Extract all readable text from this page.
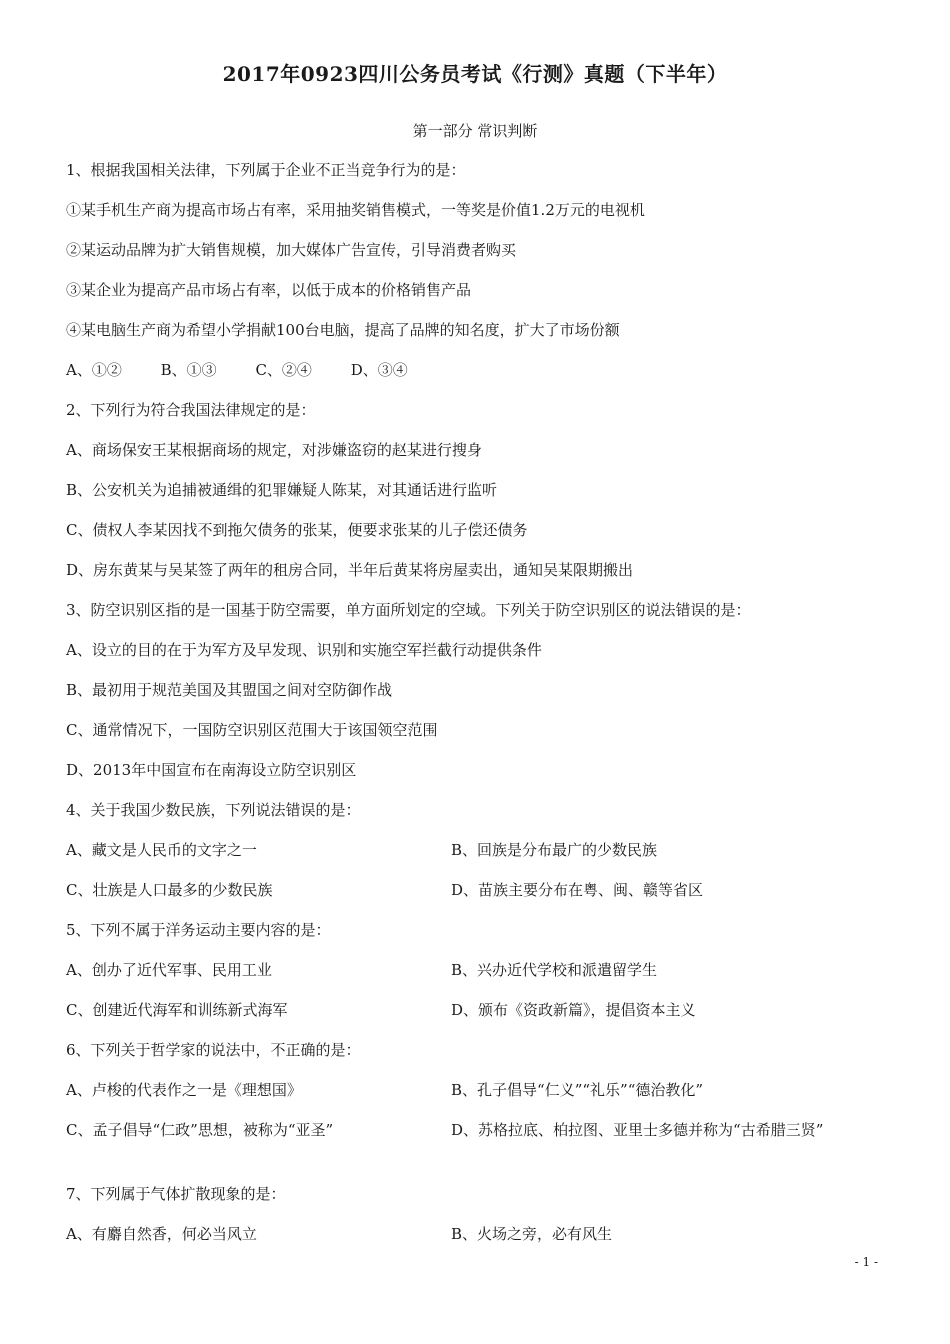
2017年0923四川公务员考试《行测》真题（下半年）
第一部分 常识判断
1、根据我国相关法律，下列属于企业不正当竞争行为的是：
①某手机生产商为提高市场占有率，采用抽奖销售模式，一等奖是价值1.2万元的电视机
②某运动品牌为扩大销售规模，加大媒体广告宣传，引导消费者购买
③某企业为提高产品市场占有率，以低于成本的价格销售产品
④某电脑生产商为希望小学捐献100台电脑，提高了品牌的知名度，扩大了市场份额
A、①②	B、①③	C、②④	D、③④
2、下列行为符合我国法律规定的是：
A、商场保安王某根据商场的规定，对涉嫌盗窃的赵某进行搜身
B、公安机关为追捕被通缉的犯罪嫌疑人陈某，对其通话进行监听
C、债权人李某因找不到拖欠债务的张某，便要求张某的儿子偿还债务
D、房东黄某与吴某签了两年的租房合同，半年后黄某将房屋卖出，通知吴某限期搬出
3、防空识别区指的是一国基于防空需要，单方面所划定的空域。下列关于防空识别区的说法错误的是：
A、设立的目的在于为军方及早发现、识别和实施空军拦截行动提供条件
B、最初用于规范美国及其盟国之间对空防御作战
C、通常情况下，一国防空识别区范围大于该国领空范围
D、2013年中国宣布在南海设立防空识别区
4、关于我国少数民族，下列说法错误的是：
A、藏文是人民币的文字之一	B、回族是分布最广的少数民族
C、壮族是人口最多的少数民族	D、苗族主要分布在粤、闽、赣等省区
5、下列不属于洋务运动主要内容的是：
A、创办了近代军事、民用工业	B、兴办近代学校和派遣留学生
C、创建近代海军和训练新式海军	D、颁布《资政新篇》，提倡资本主义
6、下列关于哲学家的说法中，不正确的是：
A、卢梭的代表作之一是《理想国》	B、孔子倡导“仁义”“礼乐”“德治教化”
C、孟子倡导“仁政”思想，被称为“亚圣”	D、苏格拉底、柏拉图、亚里士多德并称为“古希腊三贤”
7、下列属于气体扩散现象的是：
A、有麝自然香，何必当风立	B、火场之旁，必有风生
- 1 -
